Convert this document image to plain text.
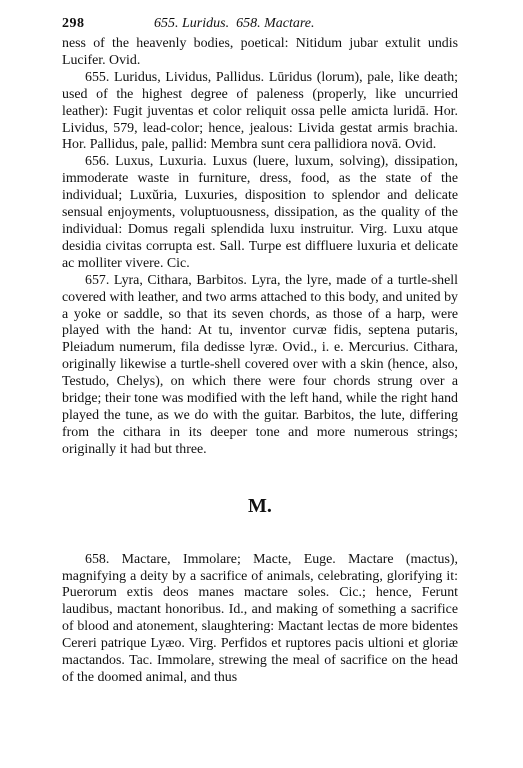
298	655. Luridus. 658. Mactare.

ness of the heavenly bodies, poetical: Nitidum jubar extulit undis Lucifer. Ovid.

655. Luridus, Lividus, Pallidus. Lūridus (lorum), pale, like death; used of the highest degree of paleness (properly, like uncurried leather): Fugit juventas et color reliquit ossa pelle amicta luridā. Hor. Lividus, 579, lead-color; hence, jealous: Livida gestat armis brachia. Hor. Pallidus, pale, pallid: Membra sunt cera pallidiora novā. Ovid.

656. Luxus, Luxuria. Luxus (luere, luxum, solving), dissipation, immoderate waste in furniture, dress, food, as the state of the individual; Luxŭria, Luxuries, disposition to splendor and delicate sensual enjoyments, voluptuousness, dissipation, as the quality of the individual: Domus regali splendida luxu instruitur. Virg. Luxu atque desidia civitas corrupta est. Sall. Turpe est diffluere luxuria et delicate ac molliter vivere. Cic.

657. Lyra, Cithara, Barbitos. Lyra, the lyre, made of a turtle-shell covered with leather, and two arms attached to this body, and united by a yoke or saddle, so that its seven chords, as those of a harp, were played with the hand: At tu, inventor curvæ fidis, septena putaris, Pleiadum numerum, fila dedisse lyræ. Ovid., i. e. Mercurius. Cithara, originally likewise a turtle-shell covered over with a skin (hence, also, Testudo, Chelys), on which there were four chords strung over a bridge; their tone was modified with the left hand, while the right hand played the tune, as we do with the guitar. Barbitos, the lute, differing from the cithara in its deeper tone and more numerous strings; originally it had but three.

M.

658. Mactare, Immolare; Macte, Euge. Mactare (mactus), magnifying a deity by a sacrifice of animals, celebrating, glorifying it: Puerorum extis deos manes mactare soles. Cic.; hence, Ferunt laudibus, mactant honoribus. Id., and making of something a sacrifice of blood and atonement, slaughtering: Mactant lectas de more bidentes Cereri patrique Lyæo. Virg. Perfidos et ruptores pacis ultioni et gloriæ mactandos. Tac. Immolare, strewing the meal of sacrifice on the head of the doomed animal, and thus
